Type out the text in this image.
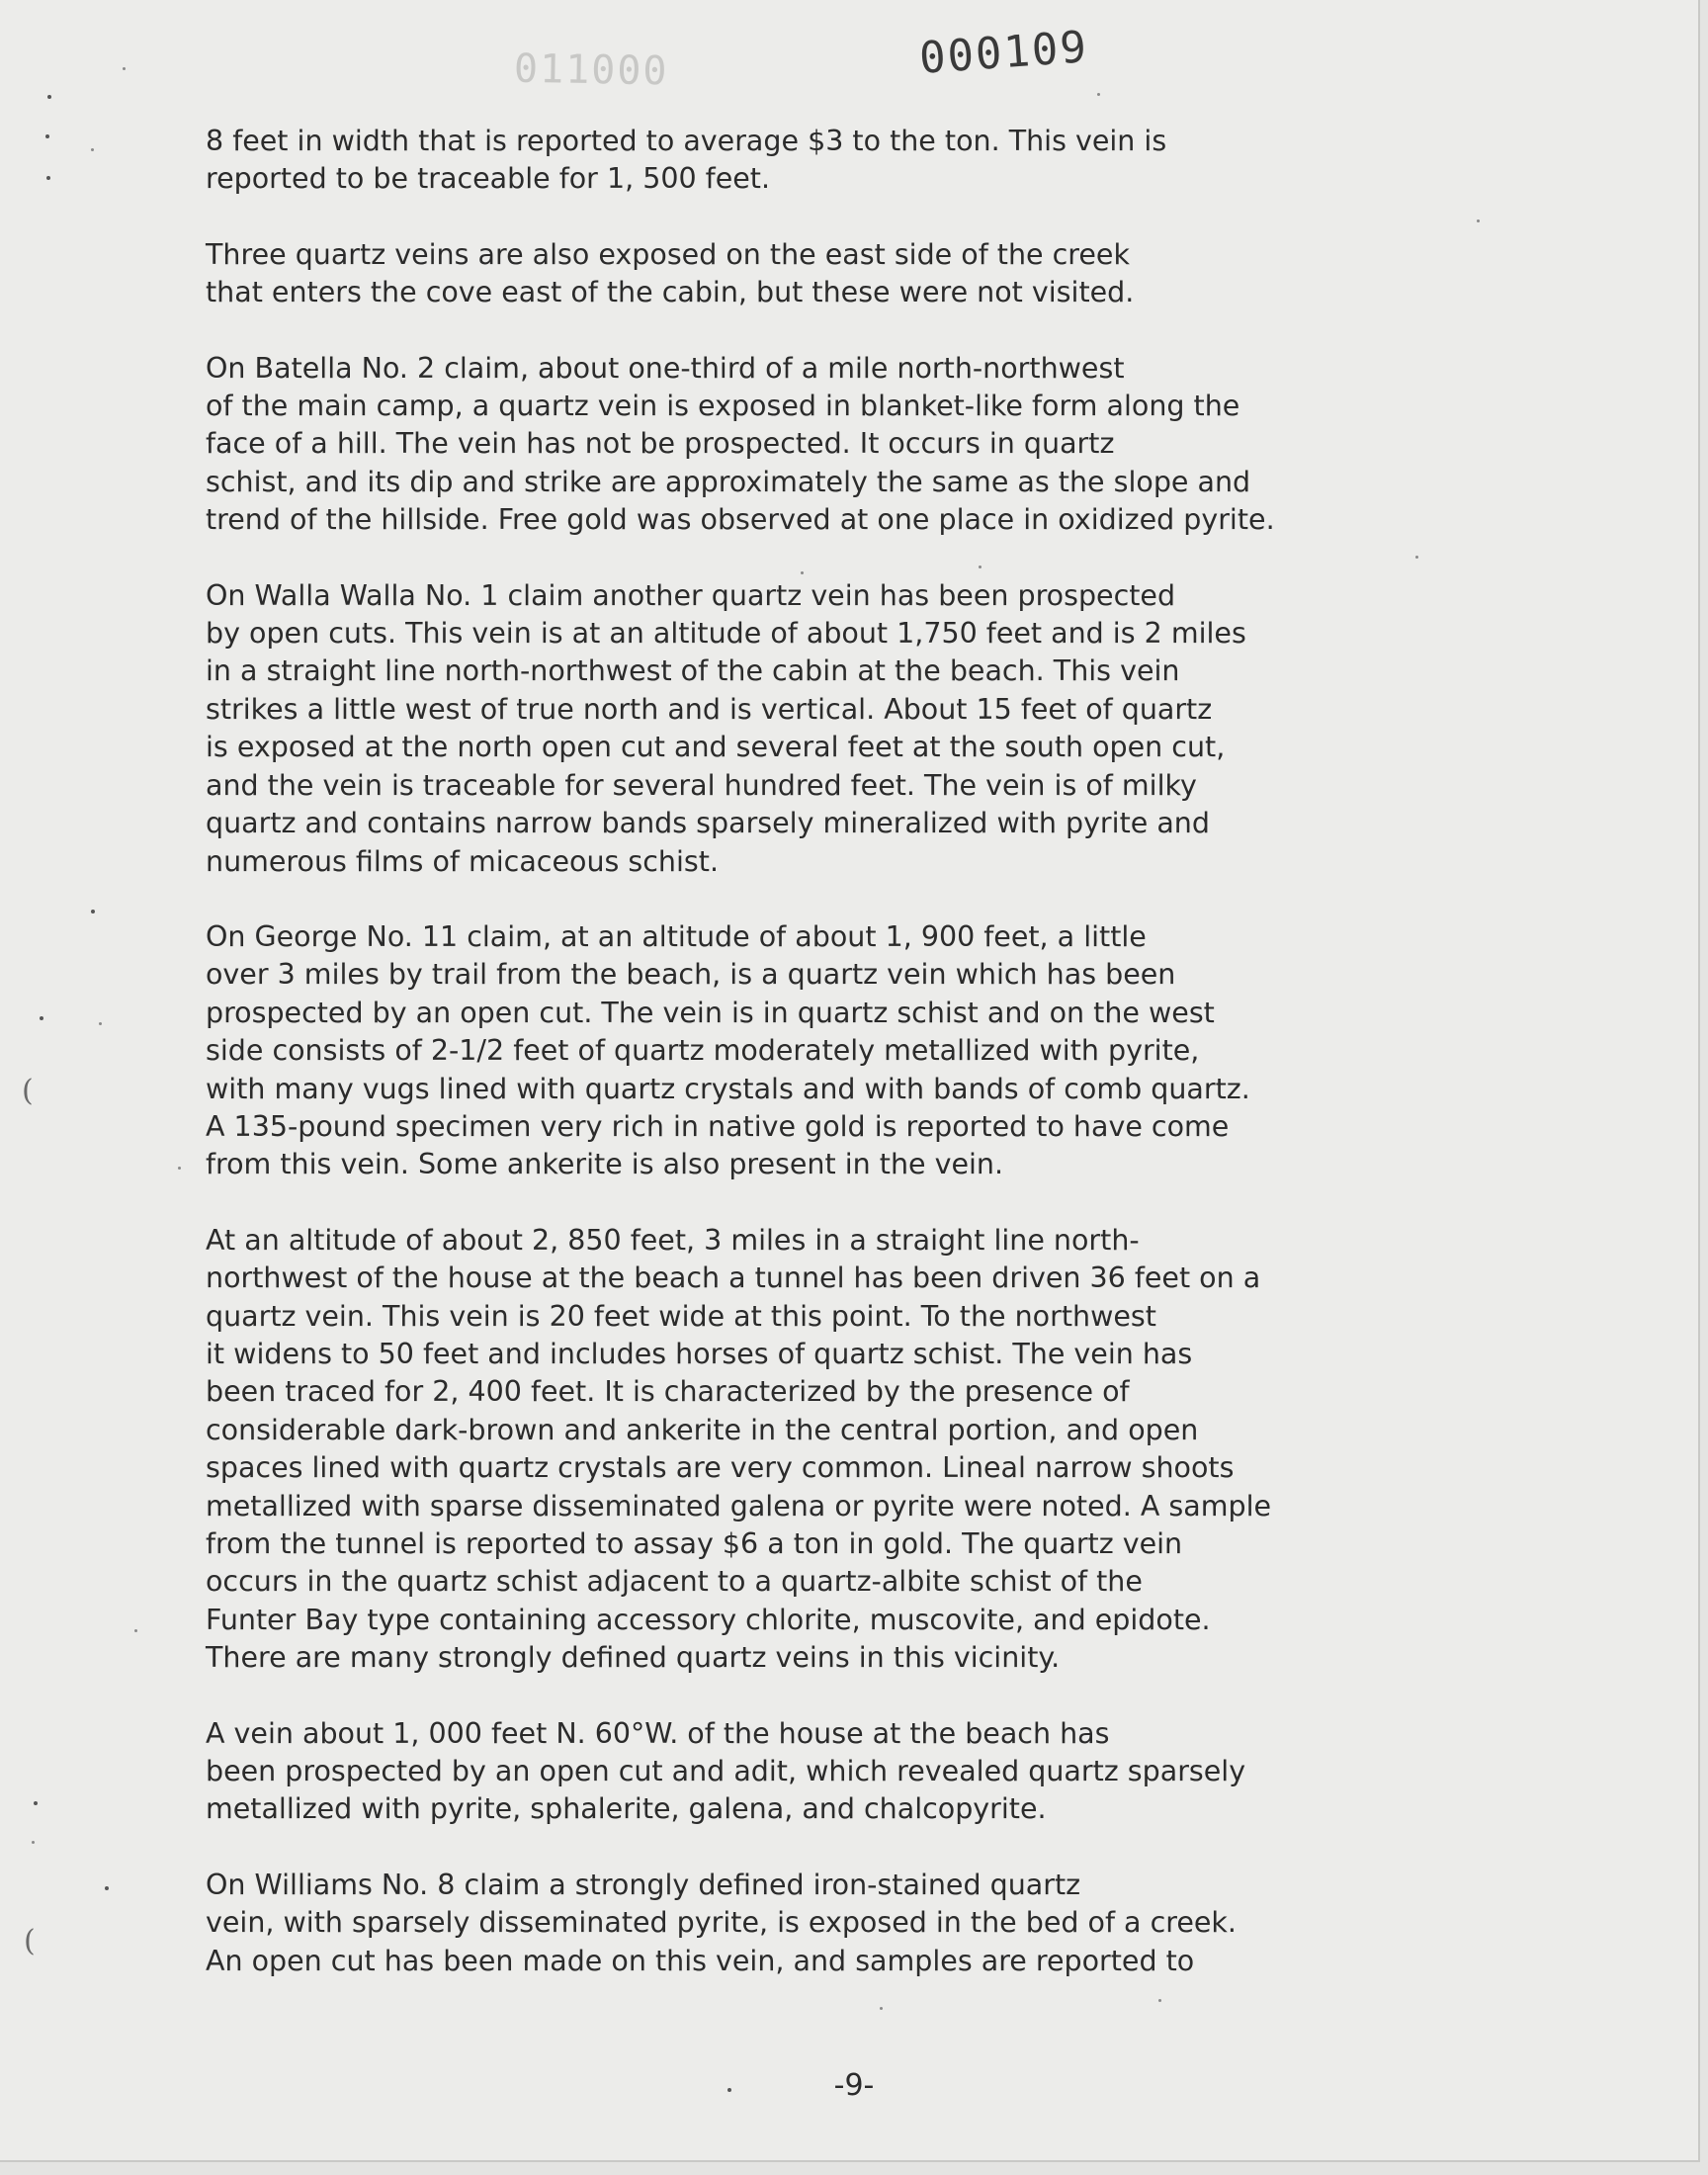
011000	000109

8 feet in width that is reported to average $3 to the ton. This vein is
reported to be traceable for 1, 500 feet.

Three quartz veins are also exposed on the east side of the creek
that enters the cove east of the cabin, but these were not visited.

On Batella No. 2 claim, about one-third of a mile north-northwest
of the main camp, a quartz vein is exposed in blanket-like form along the
face of a hill. The vein has not be prospected. It occurs in quartz
schist, and its dip and strike are approximately the same as the slope and
trend of the hillside. Free gold was observed at one place in oxidized pyrite.

On Walla Walla No. 1 claim another quartz vein has been prospected
by open cuts. This vein is at an altitude of about 1,750 feet and is 2 miles
in a straight line north-northwest of the cabin at the beach. This vein
strikes a little west of true north and is vertical. About 15 feet of quartz
is exposed at the north open cut and several feet at the south open cut,
and the vein is traceable for several hundred feet. The vein is of milky
quartz and contains narrow bands sparsely mineralized with pyrite and
numerous films of micaceous schist.

On George No. 11 claim, at an altitude of about 1, 900 feet, a little
over 3 miles by trail from the beach, is a quartz vein which has been
prospected by an open cut. The vein is in quartz schist and on the west
side consists of 2-1/2 feet of quartz moderately metallized with pyrite,
with many vugs lined with quartz crystals and with bands of comb quartz.
A 135-pound specimen very rich in native gold is reported to have come
from this vein. Some ankerite is also present in the vein.

At an altitude of about 2, 850 feet, 3 miles in a straight line north-
northwest of the house at the beach a tunnel has been driven 36 feet on a
quartz vein. This vein is 20 feet wide at this point. To the northwest
it widens to 50 feet and includes horses of quartz schist. The vein has
been traced for 2, 400 feet. It is characterized by the presence of
considerable dark-brown and ankerite in the central portion, and open
spaces lined with quartz crystals are very common. Lineal narrow shoots
metallized with sparse disseminated galena or pyrite were noted. A sample
from the tunnel is reported to assay $6 a ton in gold. The quartz vein
occurs in the quartz schist adjacent to a quartz-albite schist of the
Funter Bay type containing accessory chlorite, muscovite, and epidote.
There are many strongly defined quartz veins in this vicinity.

A vein about 1, 000 feet N. 60°W. of the house at the beach has
been prospected by an open cut and adit, which revealed quartz sparsely
metallized with pyrite, sphalerite, galena, and chalcopyrite.

On Williams No. 8 claim a strongly defined iron-stained quartz
vein, with sparsely disseminated pyrite, is exposed in the bed of a creek.
An open cut has been made on this vein, and samples are reported to

-9-
(
(
